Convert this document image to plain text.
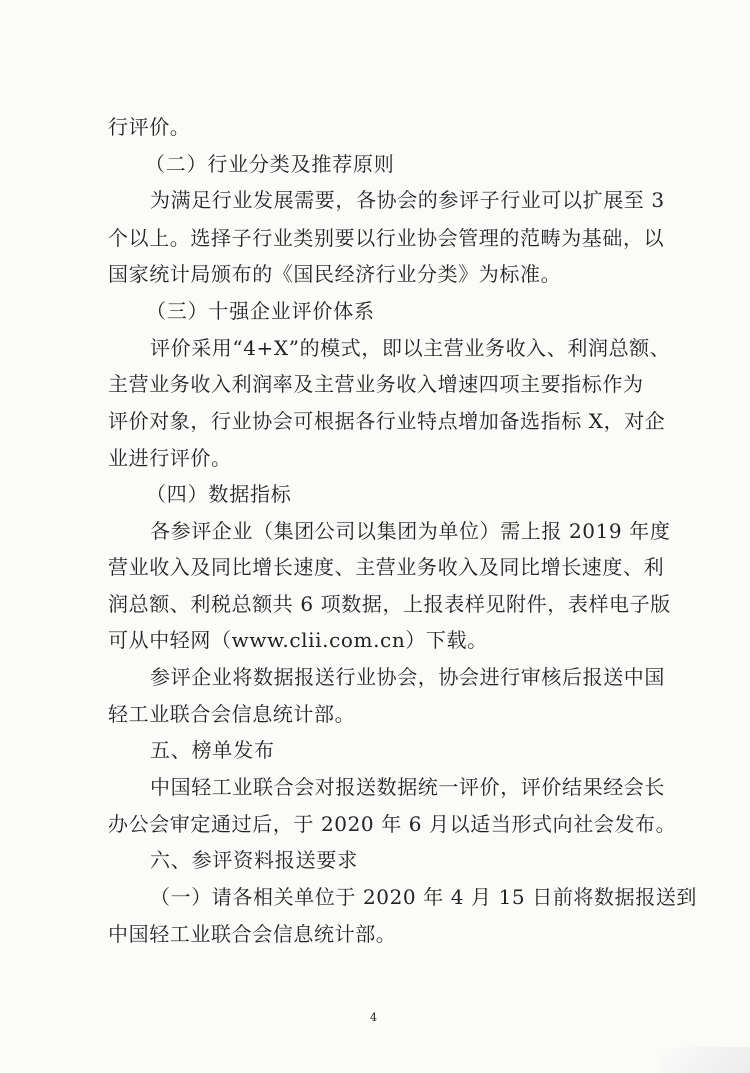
行评价。
（二）行业分类及推荐原则
为满足行业发展需要，各协会的参评子行业可以扩展至 3
个以上。选择子行业类别要以行业协会管理的范畴为基础，以
国家统计局颁布的《国民经济行业分类》为标准。
（三）十强企业评价体系
评价采用“4+X”的模式，即以主营业务收入、利润总额、
主营业务收入利润率及主营业务收入增速四项主要指标作为
评价对象，行业协会可根据各行业特点增加备选指标 X，对企
业进行评价。
（四）数据指标
各参评企业（集团公司以集团为单位）需上报 2019 年度
营业收入及同比增长速度、主营业务收入及同比增长速度、利
润总额、利税总额共 6 项数据，上报表样见附件，表样电子版
可从中轻网（www.clii.com.cn）下载。
参评企业将数据报送行业协会，协会进行审核后报送中国
轻工业联合会信息统计部。
五、榜单发布
中国轻工业联合会对报送数据统一评价，评价结果经会长
办公会审定通过后，于 2020 年 6 月以适当形式向社会发布。
六、参评资料报送要求
（一）请各相关单位于 2020 年 4 月 15 日前将数据报送到
中国轻工业联合会信息统计部。
4
